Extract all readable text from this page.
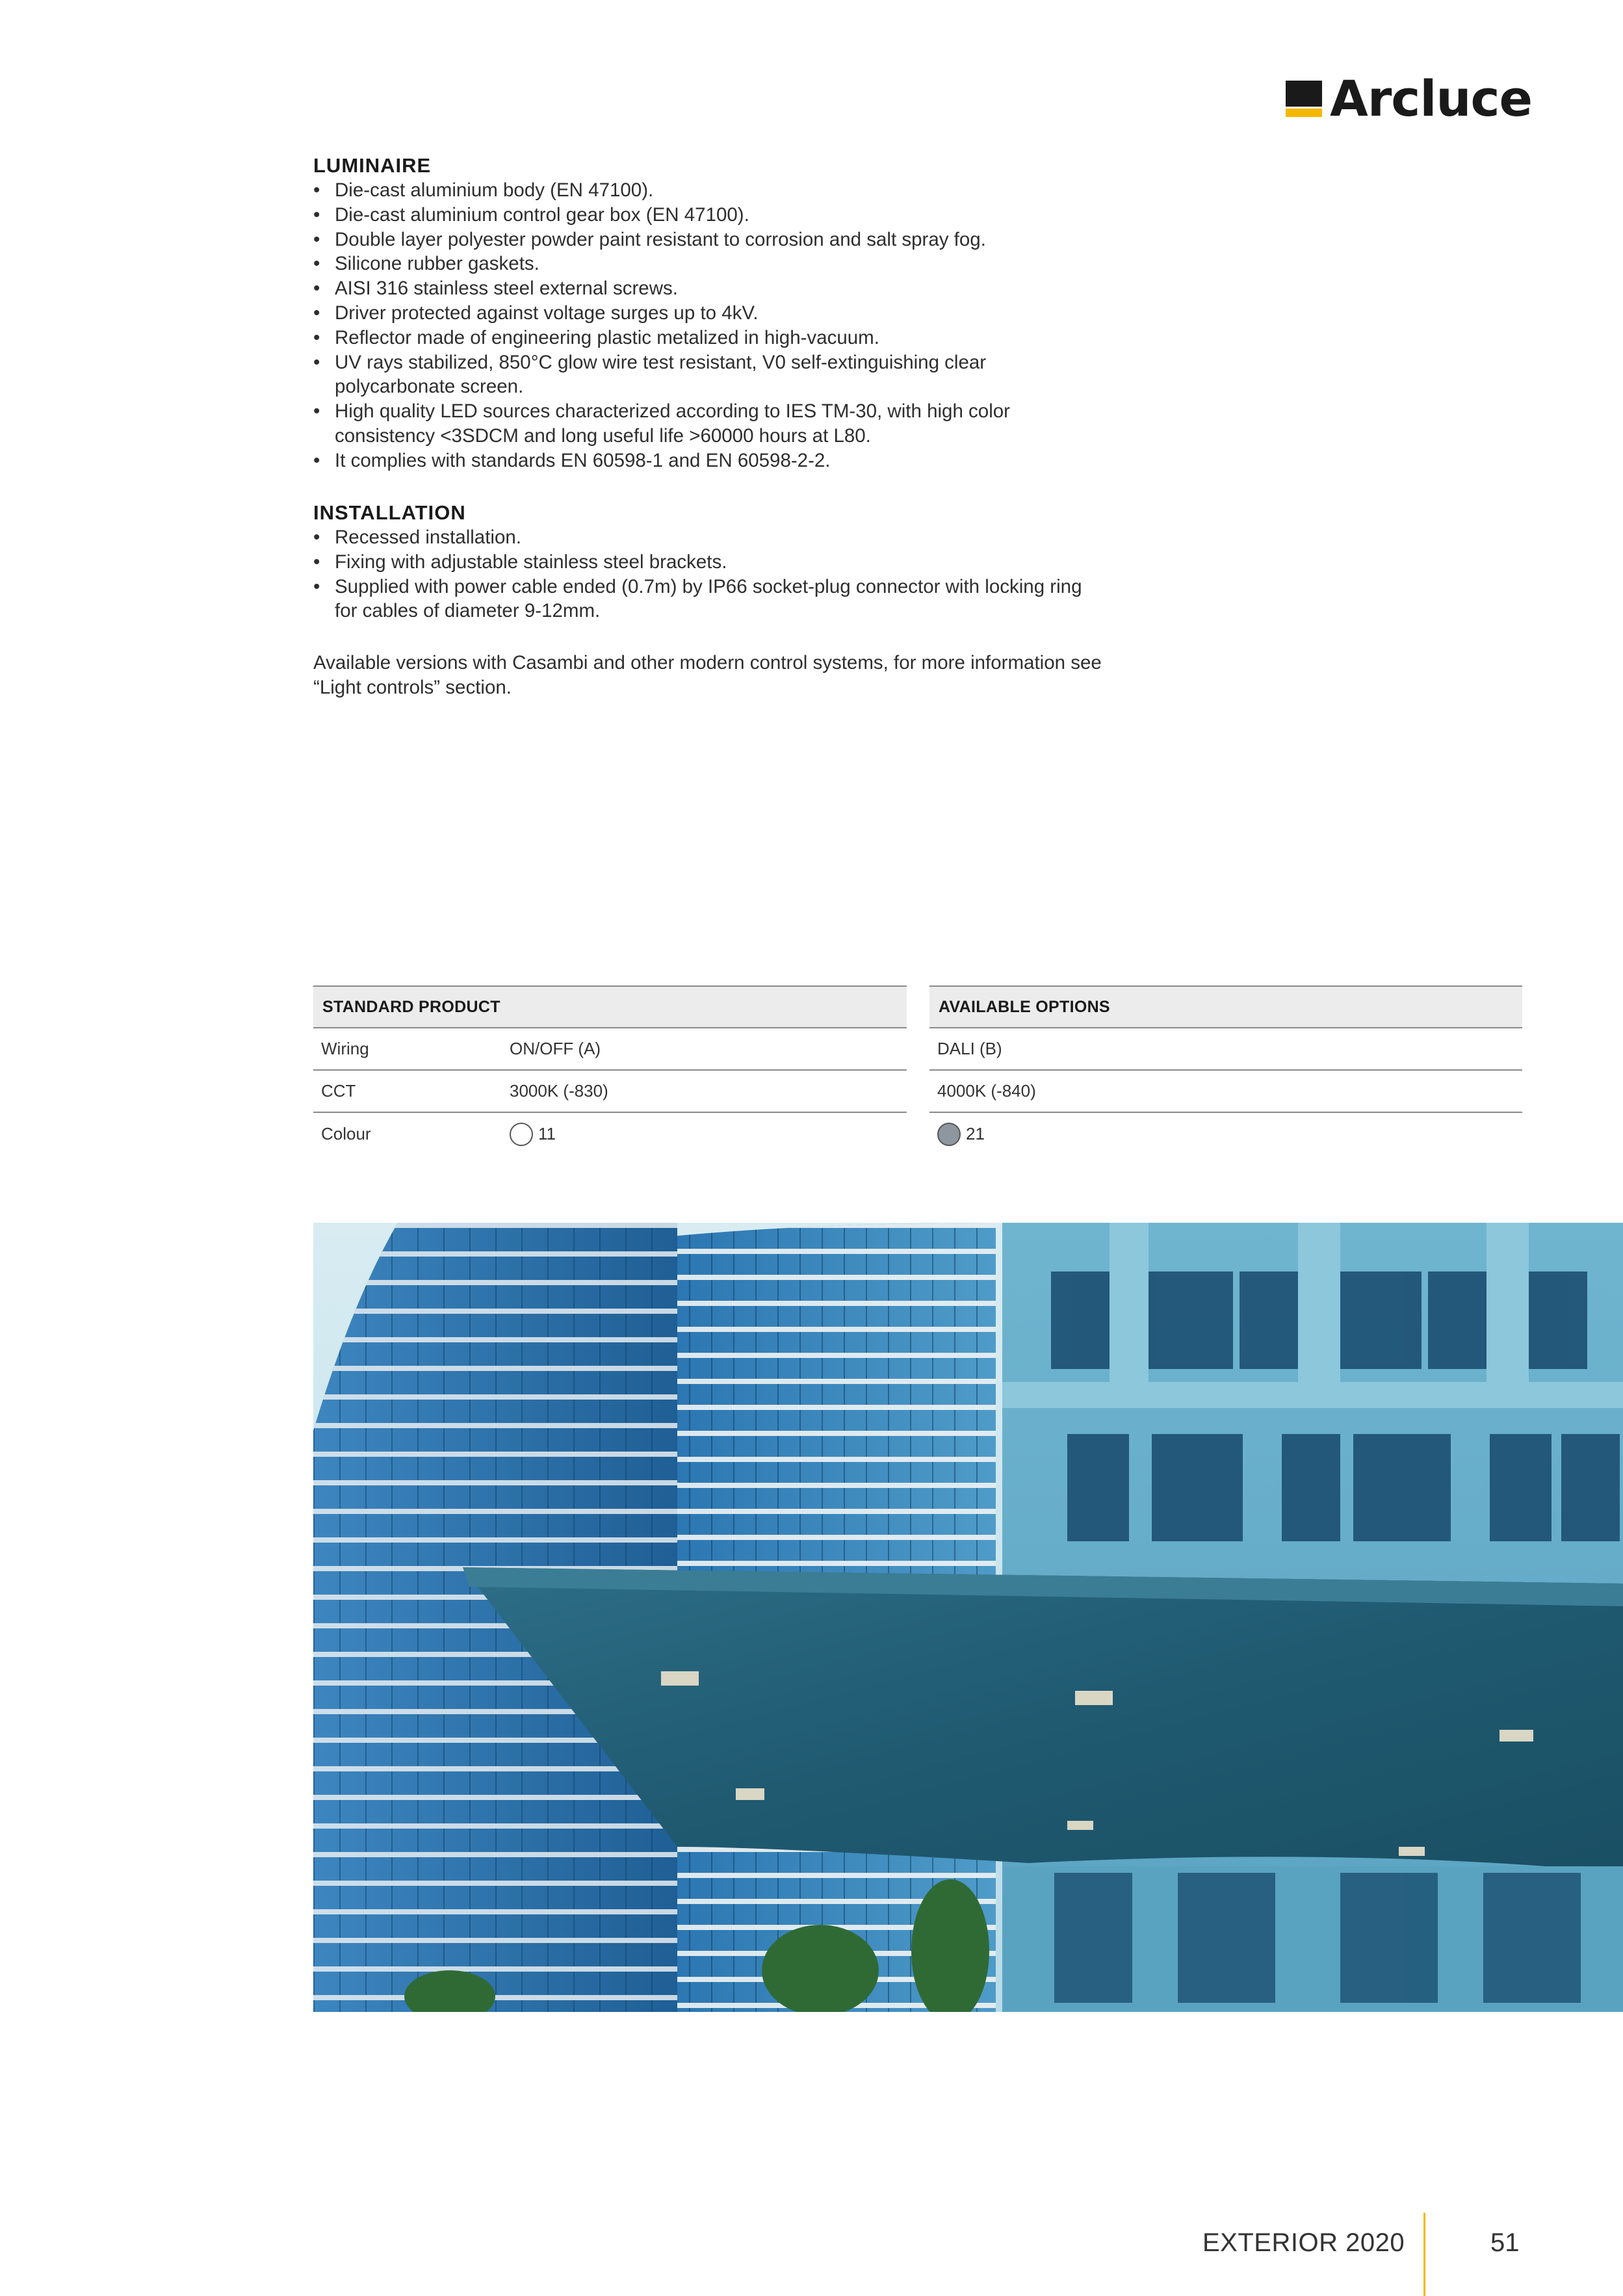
Arcluce
LUMINAIRE
• Die-cast aluminium body (EN 47100).
• Die-cast aluminium control gear box (EN 47100).
• Double layer polyester powder paint resistant to corrosion and salt spray fog.
• Silicone rubber gaskets.
• AISI 316 stainless steel external screws.
• Driver protected against voltage surges up to 4kV.
• Reflector made of engineering plastic metalized in high-vacuum.
• UV rays stabilized, 850°C glow wire test resistant, V0 self-extinguishing clear polycarbonate screen.
• High quality LED sources characterized according to IES TM-30, with high color consistency <3SDCM and long useful life >60000 hours at L80.
• It complies with standards EN 60598-1 and EN 60598-2-2.
INSTALLATION
• Recessed installation.
• Fixing with adjustable stainless steel brackets.
• Supplied with power cable ended (0.7m) by IP66 socket-plug connector with locking ring for cables of diameter 9-12mm.
Available versions with Casambi and other modern control systems, for more information see “Light controls” section.
STANDARD PRODUCT
Wiring	ON/OFF (A)
CCT	3000K (-830)
Colour	11
AVAILABLE OPTIONS
DALI (B)
4000K (-840)
21
EXTERIOR 2020	51
